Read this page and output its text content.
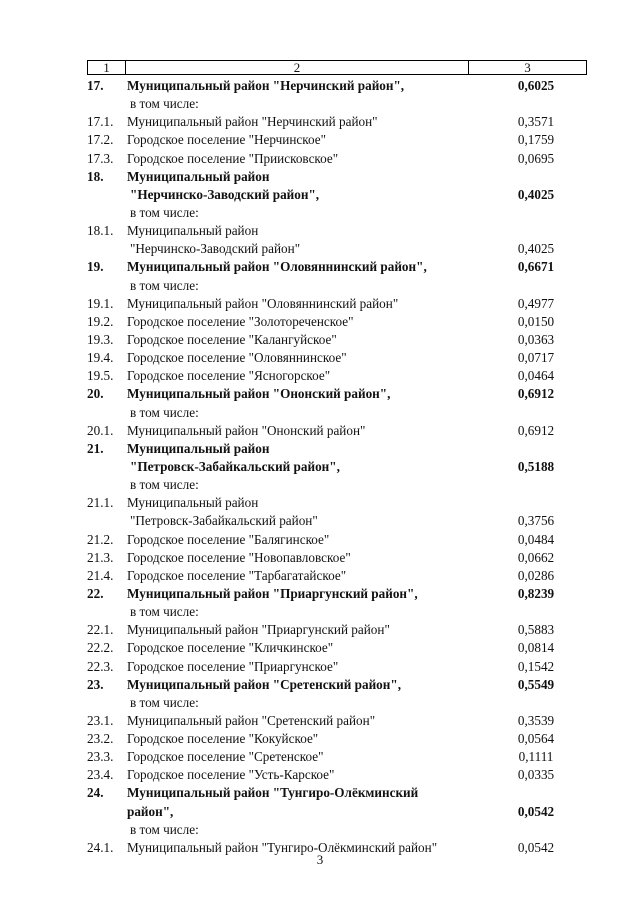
1	2	3
17. Муниципальный район "Нерчинский район",	0,6025
в том числе:
17.1. Муниципальный район "Нерчинский район"	0,3571
17.2. Городское поселение "Нерчинское"	0,1759
17.3. Городское поселение "Приисковское"	0,0695
18. Муниципальный район
"Нерчинско-Заводский район",	0,4025
в том числе:
18.1. Муниципальный район
"Нерчинско-Заводский район"	0,4025
19. Муниципальный район "Оловяннинский район",	0,6671
в том числе:
19.1. Муниципальный район "Оловяннинский район"	0,4977
19.2. Городское поселение "Золотореченское"	0,0150
19.3. Городское поселение "Калангуйское"	0,0363
19.4. Городское поселение "Оловяннинское"	0,0717
19.5. Городское поселение "Ясногорское"	0,0464
20. Муниципальный район "Ононский район",	0,6912
в том числе:
20.1. Муниципальный район "Ононский район"	0,6912
21. Муниципальный район
"Петровск-Забайкальский район",	0,5188
в том числе:
21.1. Муниципальный район
"Петровск-Забайкальский район"	0,3756
21.2. Городское поселение "Балягинское"	0,0484
21.3. Городское поселение "Новопавловское"	0,0662
21.4. Городское поселение "Тарбагатайское"	0,0286
22. Муниципальный район "Приаргунский район",	0,8239
в том числе:
22.1. Муниципальный район "Приаргунский район"	0,5883
22.2. Городское поселение "Кличкинское"	0,0814
22.3. Городское поселение "Приаргунское"	0,1542
23. Муниципальный район "Сретенский район",	0,5549
в том числе:
23.1. Муниципальный район "Сретенский район"	0,3539
23.2. Городское поселение "Кокуйское"	0,0564
23.3. Городское поселение "Сретенское"	0,1111
23.4. Городское поселение "Усть-Карское"	0,0335
24. Муниципальный район "Тунгиро-Олёкминский
район",	0,0542
в том числе:
24.1. Муниципальный район "Тунгиро-Олёкминский район"	0,0542
3
